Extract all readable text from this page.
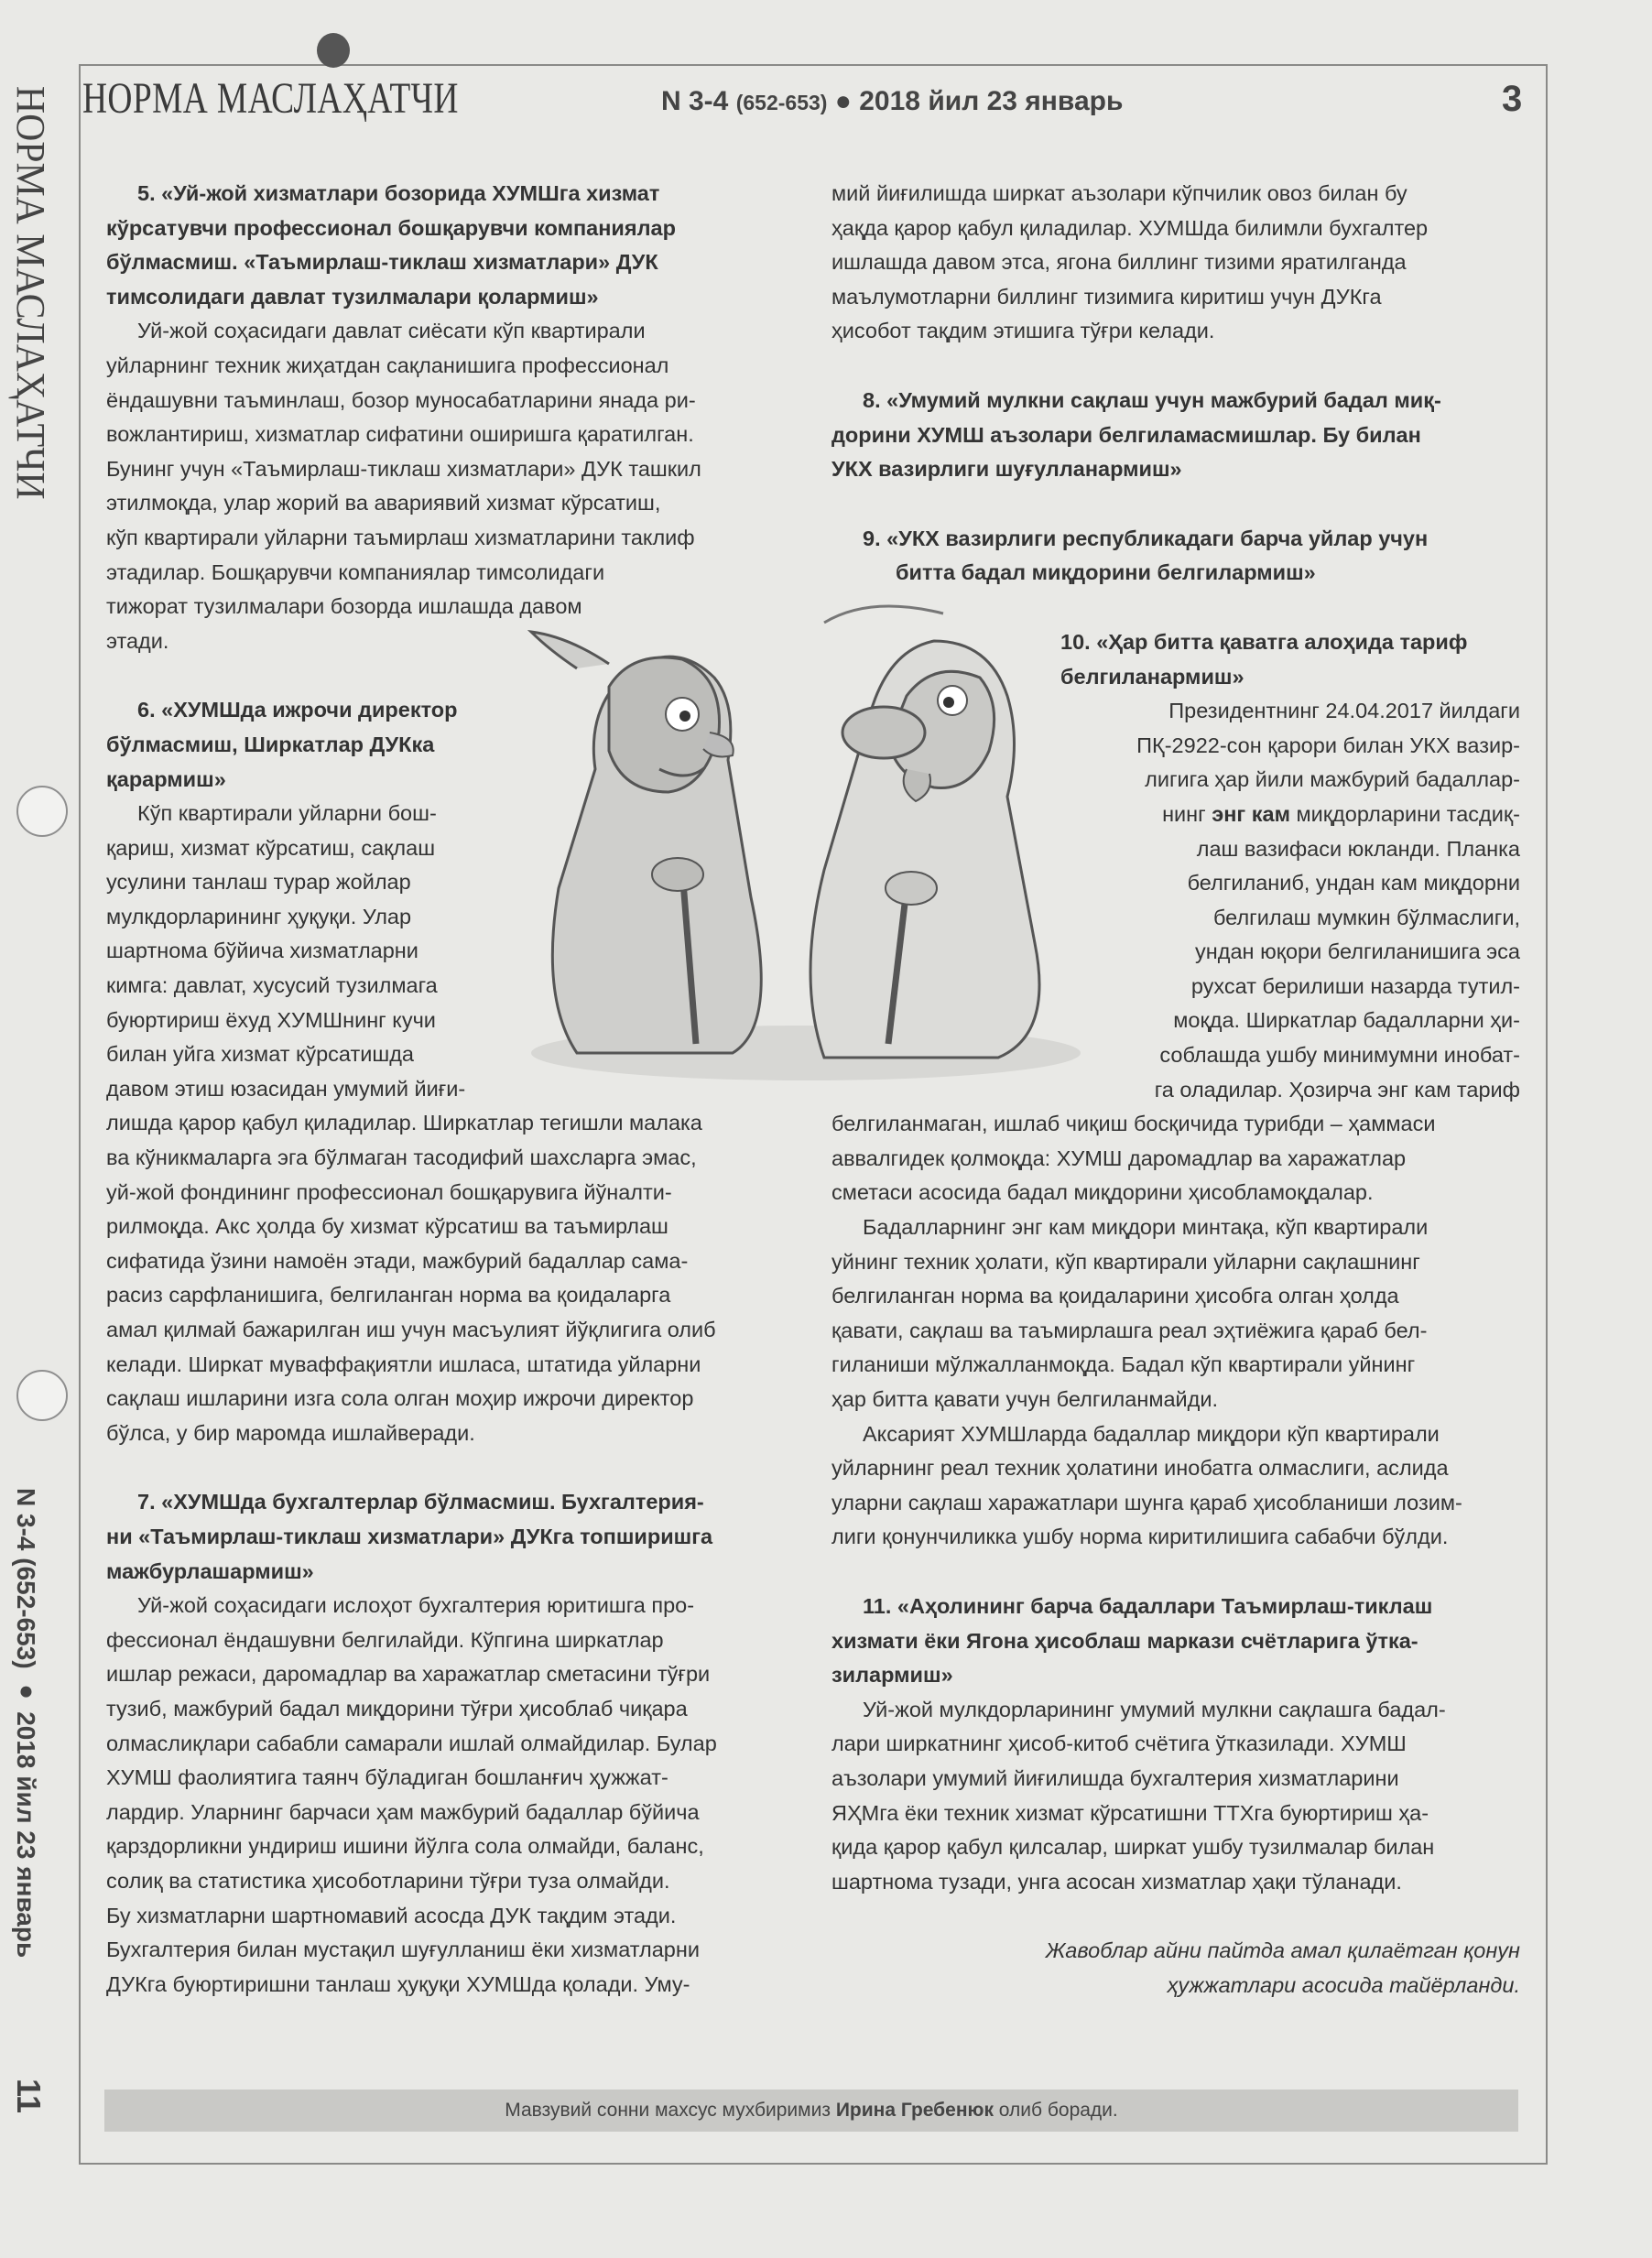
НОРМА МАСЛАҲАТЧИ
N 3-4 (652-653) ● 2018 йил 23 январь
11
НОРМА МАСЛАҲАТЧИ	N 3-4 (652-653) ● 2018 йил 23 январь	3

5. «Уй-жой хизматлари бозорида ХУМШга хизмат

кўрсатувчи профессионал бошқарувчи компаниялар
бўлмасмиш. «Таъмирлаш-тиклаш хизматлари» ДУК
тимсолидаги давлат тузилмалари қолармиш»

Уй-жой соҳасидаги давлат сиёсати кўп квартирали
уйларнинг техник жиҳатдан сақланишига профессионал
ёндашувни таъминлаш, бозор муносабатларини янада ри-
вожлантириш, хизматлар сифатини оширишга қаратилган.
Бунинг учун «Таъмирлаш-тиклаш хизматлари» ДУК ташкил
этилмоқда, улар жорий ва авариявий хизмат кўрсатиш,
кўп квартирали уйларни таъмирлаш хизматларини таклиф
этадилар. Бошқарувчи компаниялар тимсолидаги
тижорат тузилмалари бозорда ишлашда давом
этади.

6. «ХУМШда ижрочи директор
бўлмасмиш, Ширкатлар ДУКка
қарармиш»

Кўп квартирали уйларни бош-
қариш, хизмат кўрсатиш, сақлаш
усулини танлаш турар жойлар
мулкдорларининг ҳуқуқи. Улар
шартнома бўйича хизматларни
кимга: давлат, хусусий тузилмага
буюртириш ёхуд ХУМШнинг кучи
билан уйга хизмат кўрсатишда
давом этиш юзасидан умумий йиғи-
лишда қарор қабул қиладилар. Ширкатлар тегишли малака
ва кўникмаларга эга бўлмаган тасодифий шахсларга эмас,
уй-жой фондининг профессионал бошқарувига йўналти-
рилмоқда. Акс ҳолда бу хизмат кўрсатиш ва таъмирлаш
сифатида ўзини намоён этади, мажбурий бадаллар сама-
расиз сарфланишига, белгиланган норма ва қоидаларга
амал қилмай бажарилган иш учун масъулият йўқлигига олиб
келади. Ширкат муваффақиятли ишласа, штатида уйларни
сақлаш ишларини изга сола олган моҳир ижрочи директор
бўлса, у бир маромда ишлайверади.

7. «ХУМШда бухгалтерлар бўлмасмиш. Бухгалтерия-
ни «Таъмирлаш-тиклаш хизматлари» ДУКга топширишга
мажбурлашармиш»

Уй-жой соҳасидаги ислоҳот бухгалтерия юритишга про-
фессионал ёндашувни белгилайди. Кўпгина ширкатлар
ишлар режаси, даромадлар ва харажатлар сметасини тўғри
тузиб, мажбурий бадал миқдорини тўғри ҳисоблаб чиқара
олмаслиқлари сабабли самарали ишлай олмайдилар. Булар
ХУМШ фаолиятига таянч бўладиган бошланғич ҳужжат-
лардир. Уларнинг барчаси ҳам мажбурий бадаллар бўйича
қарздорликни ундириш ишини йўлга сола олмайди, баланс,
солиқ ва статистика ҳисоботларини тўғри туза олмайди.
Бу хизматларни шартномавий асосда ДУК тақдим этади.
Бухгалтерия билан мустақил шуғулланиш ёки хизматларни
ДУКга буюртиришни танлаш ҳуқуқи ХУМШда қолади. Уму-

мий йиғилишда ширкат аъзолари кўпчилик овоз билан бу
ҳақда қарор қабул қиладилар. ХУМШда билимли бухгалтер
ишлашда давом этса, ягона биллинг тизими яратилганда
маълумотларни биллинг тизимига киритиш учун ДУКга
ҳисобот тақдим этишига тўғри келади.

8. «Умумий мулкни сақлаш учун мажбурий бадал миқ-
дорини ХУМШ аъзолари белгиламасмишлар. Бу билан
УКХ вазирлиги шуғулланармиш»

9. «УКХ вазирлиги республикадаги барча уйлар учун
битта бадал миқдорини белгилармиш»

10. «Ҳар битта қаватга алоҳида тариф
белгиланармиш»

Президентнинг 24.04.2017 йилдаги
ПҚ-2922-сон қарори билан УКХ вазир-
лигига ҳар йили мажбурий бадаллар-
нинг энг кам миқдорларини тасдиқ-
лаш вазифаси юкланди. Планка
белгиланиб, ундан кам миқдорни
белгилаш мумкин бўлмаслиги,
ундан юқори белгиланишига эса
рухсат берилиши назарда тутил-
моқда. Ширкатлар бадалларни ҳи-
соблашда ушбу минимумни инобат-
га оладилар. Ҳозирча энг кам тариф

белгиланмаган, ишлаб чиқиш босқичида турибди – ҳаммаси
аввалгидек қолмоқда: ХУМШ даромадлар ва харажатлар
сметаси асосида бадал миқдорини ҳисобламоқдалар.

Бадалларнинг энг кам миқдори минтақа, кўп квартирали
уйнинг техник ҳолати, кўп квартирали уйларни сақлашнинг
белгиланган норма ва қоидаларини ҳисобга олган ҳолда
қавати, сақлаш ва таъмирлашга реал эҳтиёжига қараб бел-
гиланиши мўлжалланмоқда. Бадал кўп квартирали уйнинг
ҳар битта қавати учун белгиланмайди.

Аксарият ХУМШларда бадаллар миқдори кўп квартирали
уйларнинг реал техник ҳолатини инобатга олмаслиги, аслида
уларни сақлаш харажатлари шунга қараб ҳисобланиши лозим-
лиги қонунчиликка ушбу норма киритилишига сабабчи бўлди.

11. «Аҳолининг барча бадаллари Таъмирлаш-тиклаш
хизмати ёки Ягона ҳисоблаш маркази счётларига ўтка-
зилармиш»

Уй-жой мулкдорларининг умумий мулкни сақлашга бадал-
лари ширкатнинг ҳисоб-китоб счётига ўтказилади. ХУМШ
аъзолари умумий йиғилишда бухгалтерия хизматларини
ЯҲМга ёки техник хизмат кўрсатишни ТТХга буюртириш ҳа-
қида қарор қабул қилсалар, ширкат ушбу тузилмалар билан
шартнома тузади, унга асосан хизматлар ҳақи тўланади.

Жавоблар айни пайтда амал қилаётган қонун
ҳужжатлари асосида тайёрланди.

Мавзувий сонни махсус мухбиримиз Ирина Гребенюк олиб боради.
